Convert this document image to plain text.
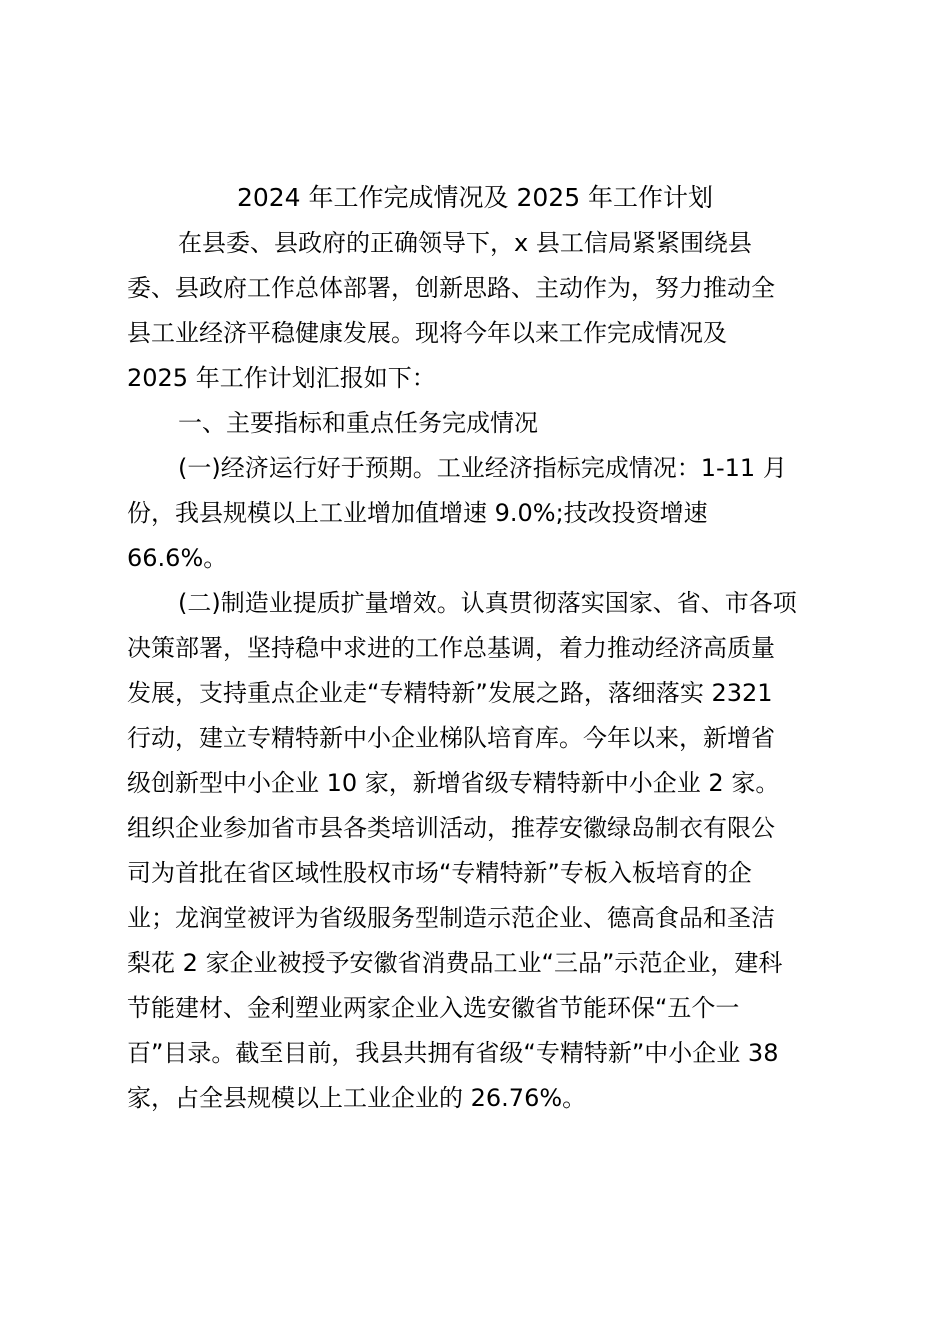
2024 年工作完成情况及 2025 年工作计划
在县委、县政府的正确领导下，x 县工信局紧紧围绕县
委、县政府工作总体部署，创新思路、主动作为，努力推动全
县工业经济平稳健康发展。现将今年以来工作完成情况及
2025 年工作计划汇报如下：
一、主要指标和重点任务完成情况
(一)经济运行好于预期。工业经济指标完成情况：1-11 月
份，我县规模以上工业增加值增速 9.0%;技改投资增速
66.6%。
(二)制造业提质扩量增效。认真贯彻落实国家、省、市各项
决策部署，坚持稳中求进的工作总基调，着力推动经济高质量
发展，支持重点企业走“专精特新”发展之路，落细落实 2321
行动，建立专精特新中小企业梯队培育库。今年以来，新增省
级创新型中小企业 10 家，新增省级专精特新中小企业 2 家。
组织企业参加省市县各类培训活动，推荐安徽绿岛制衣有限公
司为首批在省区域性股权市场“专精特新”专板入板培育的企
业；龙润堂被评为省级服务型制造示范企业、德高食品和圣洁
梨花 2 家企业被授予安徽省消费品工业“三品”示范企业，建科
节能建材、金利塑业两家企业入选安徽省节能环保“五个一
百”目录。截至目前，我县共拥有省级“专精特新”中小企业 38
家，占全县规模以上工业企业的 26.76%。
